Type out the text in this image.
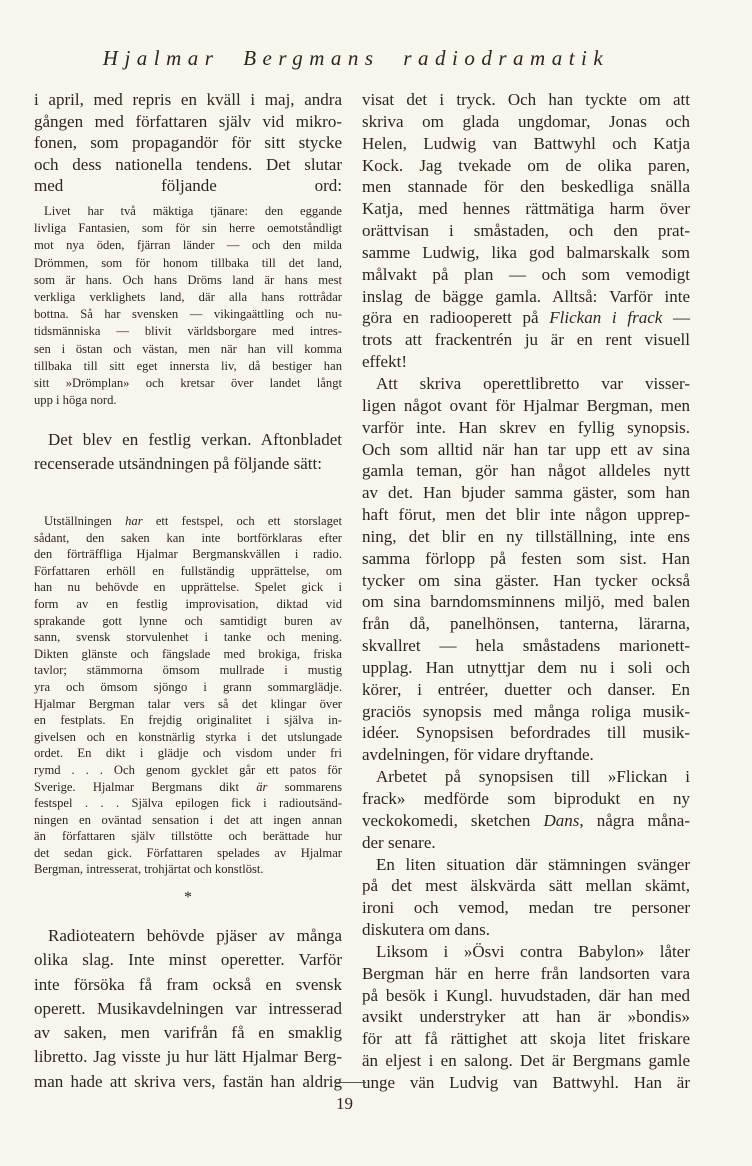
Hjalmar Bergmans radiodramatik
i april, med repris en kväll i maj, andra
gången med författaren själv vid mikro-
fonen, som propagandör för sitt stycke
och dess nationella tendens. Det slutar
med följande ord:
Livet har två mäktiga tjänare: den eggande
livliga Fantasien, som för sin herre oemotståndligt
mot nya öden, fjärran länder — och den milda
Drömmen, som för honom tillbaka till det land,
som är hans. Och hans Dröms land är hans mest
verkliga verklighets land, där alla hans rottrådar
bottna. Så har svensken — vikingaättling och nu-
tidsmänniska — blivit världsborgare med intres-
sen i östan och västan, men när han vill komma
tillbaka till sitt eget innersta liv, då bestiger han
sitt »Drömplan» och kretsar över landet långt
upp i höga nord.
Det blev en festlig verkan. Aftonbladet
recenserade utsändningen på följande sätt:
Utställningen har ett festspel, och ett storslaget
sådant, den saken kan inte bortförklaras efter
den förträffliga Hjalmar Bergmanskvällen i radio.
Författaren erhöll en fullständig upprättelse, om
han nu behövde en upprättelse. Spelet gick i
form av en festlig improvisation, diktad vid
sprakande gott lynne och samtidigt buren av
sann, svensk storvulenhet i tanke och mening.
Dikten glänste och fängslade med brokiga, friska
tavlor; stämmorna ömsom mullrade i mustig
yra och ömsom sjöngo i grann sommarglädje.
Hjalmar Bergman talar vers så det klingar över
en festplats. En frejdig originalitet i själva in-
givelsen och en konstnärlig styrka i det utslungade
ordet. En dikt i glädje och visdom under fri
rymd . . . Och genom gycklet går ett patos för
Sverige. Hjalmar Bergmans dikt är sommarens
festspel . . . Själva epilogen fick i radioutsänd-
ningen en oväntad sensation i det att ingen annan
än författaren själv tillstötte och berättade hur
det sedan gick. Författaren spelades av Hjalmar
Bergman, intresserat, trohjärtat och konstlöst.
*
Radioteatern behövde pjäser av många
olika slag. Inte minst operetter. Varför
inte försöka få fram också en svensk
operett. Musikavdelningen var intresserad
av saken, men varifrån få en smaklig
libretto. Jag visste ju hur lätt Hjalmar Berg-
man hade att skriva vers, fastän han aldrig
visat det i tryck. Och han tyckte om att
skriva om glada ungdomar, Jonas och
Helen, Ludwig van Battwyhl och Katja
Kock. Jag tvekade om de olika paren,
men stannade för den beskedliga snälla
Katja, med hennes rättmätiga harm över
orättvisan i småstaden, och den prat-
samme Ludwig, lika god balmarskalk som
målvakt på plan — och som vemodigt
inslag de bägge gamla. Alltså: Varför inte
göra en radiooperett på Flickan i frack —
trots att frackentrén ju är en rent visuell
effekt!
Att skriva operettlibretto var visser-
ligen något ovant för Hjalmar Bergman, men
varför inte. Han skrev en fyllig synopsis.
Och som alltid när han tar upp ett av sina
gamla teman, gör han något alldeles nytt
av det. Han bjuder samma gäster, som han
haft förut, men det blir inte någon upprep-
ning, det blir en ny tillställning, inte ens
samma förlopp på festen som sist. Han
tycker om sina gäster. Han tycker också
om sina barndomsminnens miljö, med balen
från då, panelhönsen, tanterna, lärarna,
skvallret — hela småstadens marionett-
upplag. Han utnyttjar dem nu i soli och
körer, i entréer, duetter och danser. En
graciös synopsis med många roliga musik-
idéer. Synopsisen befordrades till musik-
avdelningen, för vidare dryftande.
Arbetet på synopsisen till »Flickan i
frack» medförde som biprodukt en ny
veckokomedi, sketchen Dans, några måna-
der senare.
En liten situation där stämningen svänger
på det mest älskvärda sätt mellan skämt,
ironi och vemod, medan tre personer
diskutera om dans.
Liksom i »Ösvi contra Babylon» låter
Bergman här en herre från landsorten vara
på besök i Kungl. huvudstaden, där han med
avsikt understryker att han är »bondis»
för att få rättighet att skoja litet friskare
än eljest i en salong. Det är Bergmans gamle
unge vän Ludvig van Battwyhl. Han är
19
